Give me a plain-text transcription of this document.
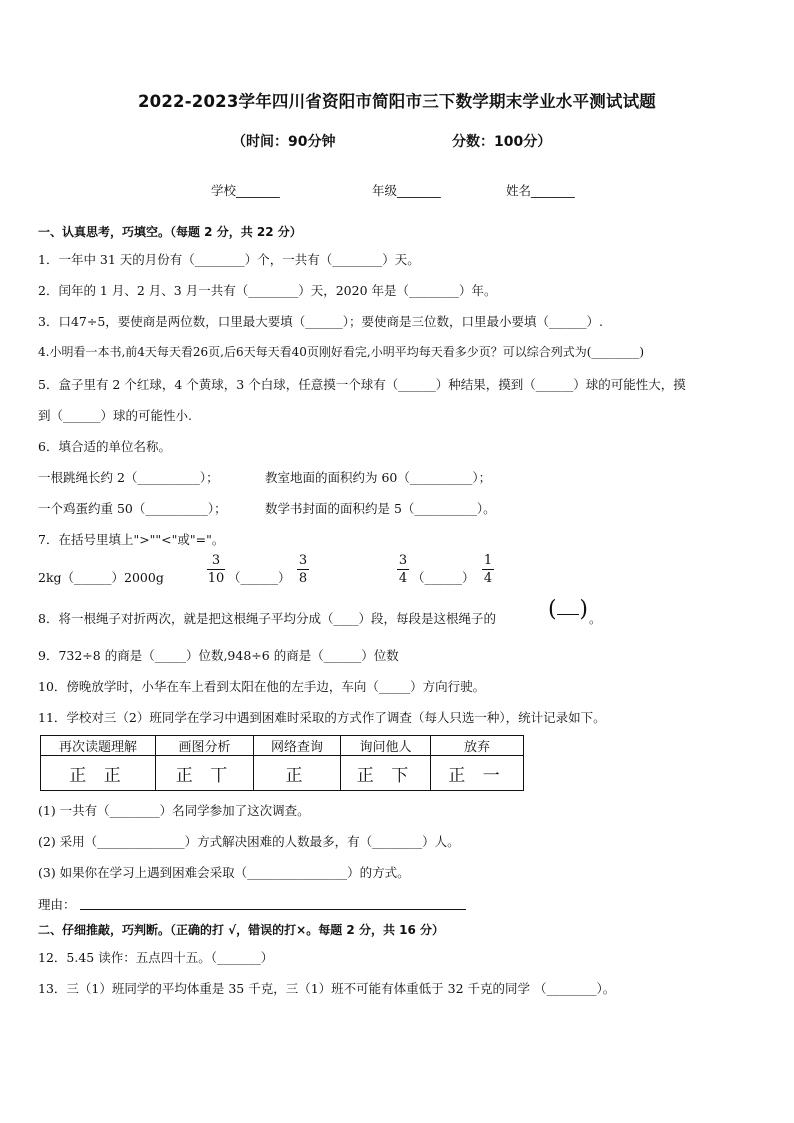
2022-2023学年四川省资阳市简阳市三下数学期末学业水平测试试题
（时间：90分钟	分数：100分）
学校_______	年级_______	姓名_______
一、认真思考，巧填空。（每题 2 分，共 22 分）
1．一年中 31 天的月份有（________）个，一共有（________）天。
2．闰年的 1 月、2 月、3 月一共有（________）天，2020 年是（________）年。
3．口47÷5，要使商是两位数，口里最大要填（______）；要使商是三位数，口里最小要填（______）.
4.小明看一本书,前4天每天看26页,后6天每天看40页刚好看完,小明平均每天看多少页？可以综合列式为(________)
5．盒子里有 2 个红球，4 个黄球，3 个白球，任意摸一个球有（______）种结果，摸到（______）球的可能性大，摸
到（______）球的可能性小.
6．填合适的单位名称。
一根跳绳长约 2（__________）；	教室地面的面积约为 60（__________）；
一个鸡蛋约重 50（__________）；	数学书封面的面积约是 5（__________）。
7．在括号里填上">""<"或"="。
2kg（______）2000g
3
10 （______）
3
8
3
4 （______）
1
4
8．将一根绳子对折两次，就是把这根绳子平均分成（____）段，每段是这根绳子的 ( ) 。
9．732÷8 的商是（_____）位数,948÷6 的商是（______）位数
10．傍晚放学时，小华在车上看到太阳在他的左手边，车向（_____）方向行驶。
11．学校对三（2）班同学在学习中遇到困难时采取的方式作了调查（每人只选一种），统计记录如下。
再次读题理解	画图分析	网络查询	询问他人	放弃
正 正	正 丅	正	正 下	正 一
(1) 一共有（________）名同学参加了这次调查。
(2) 采用（______________）方式解决困难的人数最多，有（________）人。
(3) 如果你在学习上遇到困难会采取（________________）的方式。
理由：
二、仔细推敲，巧判断。（正确的打 √，错误的打×。每题 2 分，共 16 分）
12．5.45 读作：五点四十五。（_______）
13．三（1）班同学的平均体重是 35 千克，三（1）班不可能有体重低于 32 千克的同学 （________）。
